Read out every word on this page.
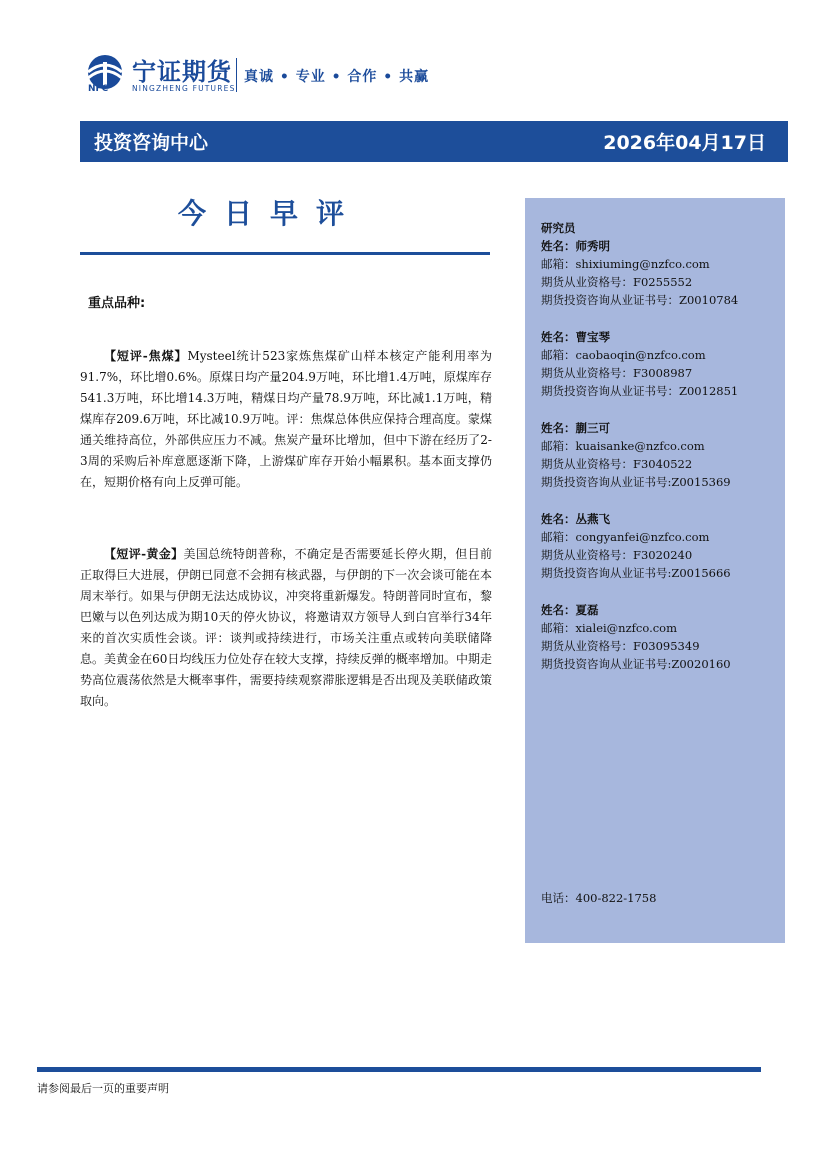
宁证期货
NFC	NINGZHENG FUTURES
真诚 • 专业 • 合作 • 共赢
投资咨询中心	2026年04月17日
今日早评
重点品种:
【短评-焦煤】Mysteel统计523家炼焦煤矿山样本核定产能利用率为91.7%，环比增0.6%。原煤日均产量204.9万吨，环比增1.4万吨，原煤库存541.3万吨，环比增14.3万吨，精煤日均产量78.9万吨，环比减1.1万吨，精煤库存209.6万吨，环比减10.9万吨。评：焦煤总体供应保持合理高度。蒙煤通关维持高位，外部供应压力不减。焦炭产量环比增加，但中下游在经历了2-3周的采购后补库意愿逐渐下降，上游煤矿库存开始小幅累积。基本面支撑仍在，短期价格有向上反弹可能。
【短评-黄金】美国总统特朗普称，不确定是否需要延长停火期，但目前正取得巨大进展，伊朗已同意不会拥有核武器，与伊朗的下一次会谈可能在本周末举行。如果与伊朗无法达成协议，冲突将重新爆发。特朗普同时宣布，黎巴嫩与以色列达成为期10天的停火协议，将邀请双方领导人到白宫举行34年来的首次实质性会谈。评：谈判或持续进行，市场关注重点或转向美联储降息。美黄金在60日均线压力位处存在较大支撑，持续反弹的概率增加。中期走势高位震荡依然是大概率事件，需要持续观察滞胀逻辑是否出现及美联储政策取向。
研究员
姓名：师秀明
邮箱：shixiuming@nzfco.com
期货从业资格号：F0255552
期货投资咨询从业证书号：Z0010784
姓名：曹宝琴
邮箱：caobaoqin@nzfco.com
期货从业资格号：F3008987
期货投资咨询从业证书号：Z0012851
姓名：蒯三可
邮箱：kuaisanke@nzfco.com
期货从业资格号：F3040522
期货投资咨询从业证书号:Z0015369
姓名：丛燕飞
邮箱：congyanfei@nzfco.com
期货从业资格号：F3020240
期货投资咨询从业证书号:Z0015666
姓名：夏磊
邮箱：xialei@nzfco.com
期货从业资格号：F03095349
期货投资咨询从业证书号:Z0020160
电话：400-822-1758
请参阅最后一页的重要声明
